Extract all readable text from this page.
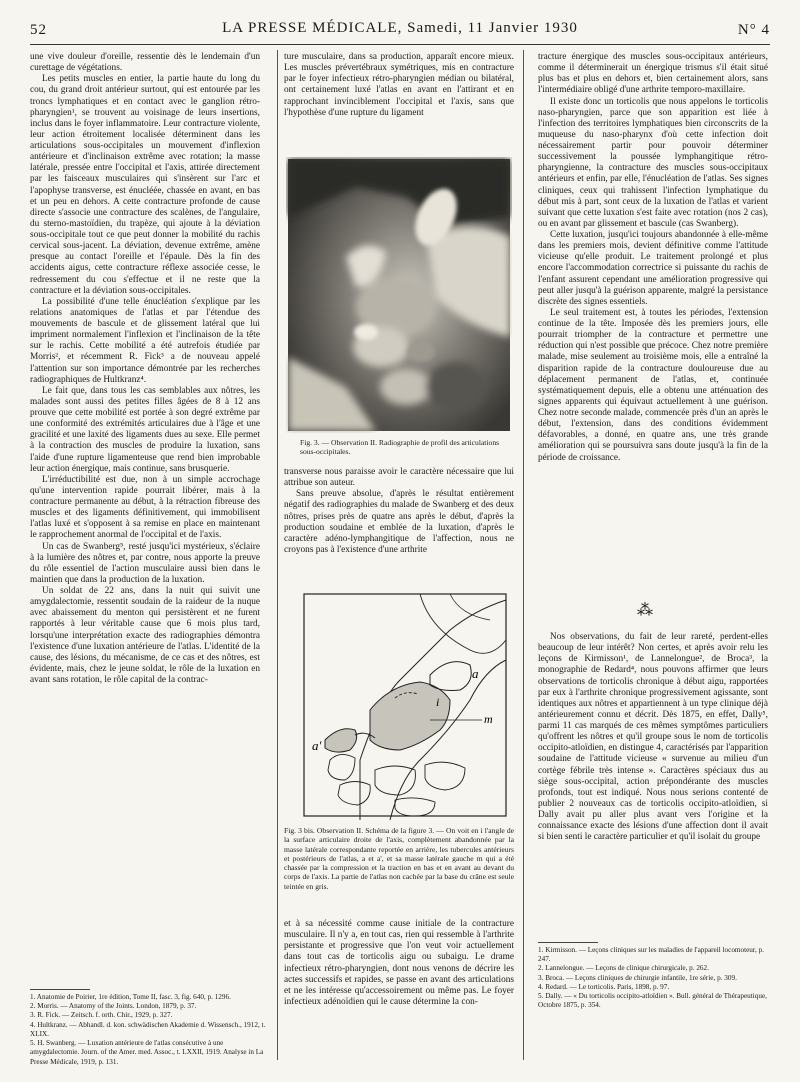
52	LA PRESSE MÉDICALE, Samedi, 11 Janvier 1930	N° 4

une vive douleur d'oreille, ressentie dès le lendemain d'un curettage de végétations.

Les petits muscles en entier, la partie haute du long du cou, du grand droit antérieur surtout, qui est entourée par les troncs lymphatiques et en contact avec le ganglion rétro-pharyngien¹, se trouvent au voisinage de leurs insertions, inclus dans le foyer inflammatoire. Leur contracture violente, leur action étroitement localisée déterminent dans les articulations sous-occipitales un mouvement d'inflexion antérieure et d'inclinaison extrême avec rotation; la masse latérale, pressée entre l'occipital et l'axis, attirée directement par les faisceaux musculaires qui s'insèrent sur l'arc et l'apophyse transverse, est énucléée, chassée en avant, en bas et un peu en dehors. A cette contracture profonde de cause directe s'associe une contracture des scalènes, de l'angulaire, du sterno-mastoïdien, du trapèze, qui ajoute à la déviation sous-occipitale tout ce que peut donner la mobilité du rachis cervical sous-jacent. La déviation, devenue extrême, amène presque au contact l'oreille et l'épaule. Dès la fin des accidents aigus, cette contracture réflexe associée cesse, le redressement du cou s'effectue et il ne reste que la contracture et la déviation sous-occipitales.

La possibilité d'une telle énucléation s'explique par les relations anatomiques de l'atlas et par l'étendue des mouvements de bascule et de glissement latéral que lui impriment normalement l'inflexion et l'inclinaison de la tête sur le rachis. Cette mobilité a été autrefois étudiée par Morris², et récemment R. Fick³ a de nouveau appelé l'attention sur son importance démontrée par les recherches radiographiques de Hultkranz⁴.

Le fait que, dans tous les cas semblables aux nôtres, les malades sont aussi des petites filles âgées de 8 à 12 ans prouve que cette mobilité est portée à son degré extrême par une conformité des extrémités articulaires due à l'âge et une gracilité et une laxité des ligaments dues au sexe. Elle permet à la contraction des muscles de produire la luxation, sans l'aide d'une rupture ligamenteuse que rend bien improbable leur action énergique, mais continue, sans brusquerie.

L'irréductibilité est due, non à un simple accrochage qu'une intervention rapide pourrait libérer, mais à la contracture permanente au début, à la rétraction fibreuse des muscles et des ligaments définitivement, qui immobilisent l'atlas luxé et s'opposent à sa remise en place en maintenant le rapprochement anormal de l'occipital et de l'axis.

Un cas de Swanberg⁵, resté jusqu'ici mystérieux, s'éclaire à la lumière des nôtres et, par contre, nous apporte la preuve du rôle essentiel de l'action musculaire aussi bien dans le maintien que dans la production de la luxation.

Un soldat de 22 ans, dans la nuit qui suivit une amygdalectomie, ressentit soudain de la raideur de la nuque avec abaissement du menton qui persistèrent et ne furent rapportés à leur véritable cause que 6 mois plus tard, lorsqu'une interprétation exacte des radiographies démontra l'existence d'une luxation antérieure de l'atlas. L'identité de la cause, des lésions, du mécanisme, de ce cas et des nôtres, est évidente, mais, chez le jeune soldat, le rôle de la luxation en avant sans rotation, le rôle capital de la contrac-

ture musculaire, dans sa production, apparaît encore mieux. Les muscles prévertébraux symétriques, mis en contracture par le foyer infectieux rétro-pharyngien médian ou bilatéral, ont certainement luxé l'atlas en avant en l'attirant et en rapprochant invinciblement l'occipital et l'axis, sans que l'hypothèse d'une rupture du ligament

Fig. 3. — Observation II. Radiographie de profil des articulations sous-occipitales.

transverse nous paraisse avoir le caractère nécessaire que lui attribue son auteur.

Sans preuve absolue, d'après le résultat entièrement négatif des radiographies du malade de Swanberg et des deux nôtres, prises près de quatre ans après le début, d'après la production soudaine et emblée de la luxation, d'après le caractère adéno-lymphangitique de l'affection, nous ne croyons pas à l'existence d'une arthrite

a
i
m
a'
Fig. 3 bis. Observation II. Schéma de la figure 3. — On voit en i l'angle de la surface articulaire droite de l'axis, complètement abandonnée par la masse latérale correspondante reportée en arrière, les tubercules antérieurs et postérieurs de l'atlas, a et a', et sa masse latérale gauche m qui a été chassée par la compression et la traction en bas et en avant au devant du corps de l'axis. La partie de l'atlas non cachée par la base du crâne est seule teintée en gris.

et à sa nécessité comme cause initiale de la contracture musculaire. Il n'y a, en tout cas, rien qui ressemble à l'arthrite persistante et progressive que l'on veut voir actuellement dans tout cas de torticolis aigu ou subaigu. Le drame infectieux rétro-pharyngien, dont nous venons de décrire les actes successifs et rapides, se passe en avant des articulations et ne les intéresse qu'accessoirement ou même pas. Le foyer infectieux adénoïdien qui le cause détermine la con-

tracture énergique des muscles sous-occipitaux antérieurs, comme il déterminerait un énergique trismus s'il était situé plus bas et plus en dehors et, bien certainement alors, sans l'intermédiaire obligé d'une arthrite temporo-maxillaire.

Il existe donc un torticolis que nous appelons le torticolis naso-pharyngien, parce que son apparition est liée à l'infection des territoires lymphatiques bien circonscrits de la muqueuse du naso-pharynx d'où cette infection doit nécessairement partir pour pouvoir déterminer successivement la poussée lymphangitique rétro-pharyngienne, la contracture des muscles sous-occipitaux antérieurs et enfin, par elle, l'énucléation de l'atlas. Ses signes cliniques, ceux qui trahissent l'infection lymphatique du début mis à part, sont ceux de la luxation de l'atlas et varient suivant que cette luxation s'est faite avec rotation (nos 2 cas), ou en avant par glissement et bascule (cas Swanberg).

Cette luxation, jusqu'ici toujours abandonnée à elle-même dans les premiers mois, devient définitive comme l'attitude vicieuse qu'elle produit. Le traitement prolongé et plus encore l'accommodation correctrice si puissante du rachis de l'enfant assurent cependant une amélioration progressive qui peut aller jusqu'à la guérison apparente, malgré la persistance discrète des signes essentiels.

Le seul traitement est, à toutes les périodes, l'extension continue de la tête. Imposée dès les premiers jours, elle pourrait triompher de la contracture et permettre une réduction qui n'est possible que précoce. Chez notre première malade, mise seulement au troisième mois, elle a entraîné la disparition rapide de la contracture douloureuse due au déplacement permanent de l'atlas, et, continuée systématiquement depuis, elle a obtenu une atténuation des signes apparents qui équivaut actuellement à une guérison. Chez notre seconde malade, commencée près d'un an après le début, l'extension, dans des conditions évidemment défavorables, a donné, en quatre ans, une très grande amélioration qui se poursuivra sans doute jusqu'à la fin de la période de croissance.

⁂

Nos observations, du fait de leur rareté, perdent-elles beaucoup de leur intérêt? Non certes, et après avoir relu les leçons de Kirmisson¹, de Lannelongue², de Broca³, la monographie de Redard⁴, nous pouvons affirmer que leurs observations de torticolis chronique à début aigu, rapportées par eux à l'arthrite chronique progressivement agissante, sont identiques aux nôtres et appartiennent à un type clinique déjà antérieurement connu et décrit. Dès 1875, en effet, Dally⁵, parmi 11 cas marqués de ces mêmes symptômes particuliers qu'offrent les nôtres et qu'il groupe sous le nom de torticolis occipito-atloïdien, en distingue 4, caractérisés par l'apparition soudaine de l'attitude vicieuse « survenue au milieu d'un cortège fébrile très intense ». Caractères spéciaux dus au siège sous-occipital, action prépondérante des muscles profonds, tout est indiqué. Nous nous serions contenté de publier 2 nouveaux cas de torticolis occipito-atloïdien, si Dally avait pu aller plus avant vers l'origine et la connaissance exacte des lésions d'une affection dont il avait si bien senti le caractère particulier et qu'il isolait du groupe

1. Anatomie de Poirier, 1re édition, Tome II, fasc. 3, fig. 640, p. 1296.
2. Morris. — Anatomy of the Joints. London, 1879, p. 37.
3. R. Fick. — Zeitsch. f. orth. Chir., 1929, p. 327.
4. Hultkranz. — Abhandl. d. kon. schwädischen Akademie d. Wissensch., 1912, t. XLIX.
5. H. Swanberg. — Luxation antérieure de l'atlas consécutive à une amygdalectomie. Journ. of the Amer. med. Assoc., t. LXXII, 1919. Analyse in La Presse Médicale, 1919, p. 131.
1. Kirmisson. — Leçons cliniques sur les maladies de l'appareil locomoteur, p. 247.
2. Lannelongue. — Leçons de clinique chirurgicale, p. 262.
3. Broca. — Leçons cliniques de chirurgie infantile, 1re série, p. 309.
4. Redard. — Le torticolis. Paris, 1898, p. 97.
5. Dally. — « Du torticolis occipito-atloïdien ». Bull. général de Thérapeutique, Octobre 1875, p. 354.
